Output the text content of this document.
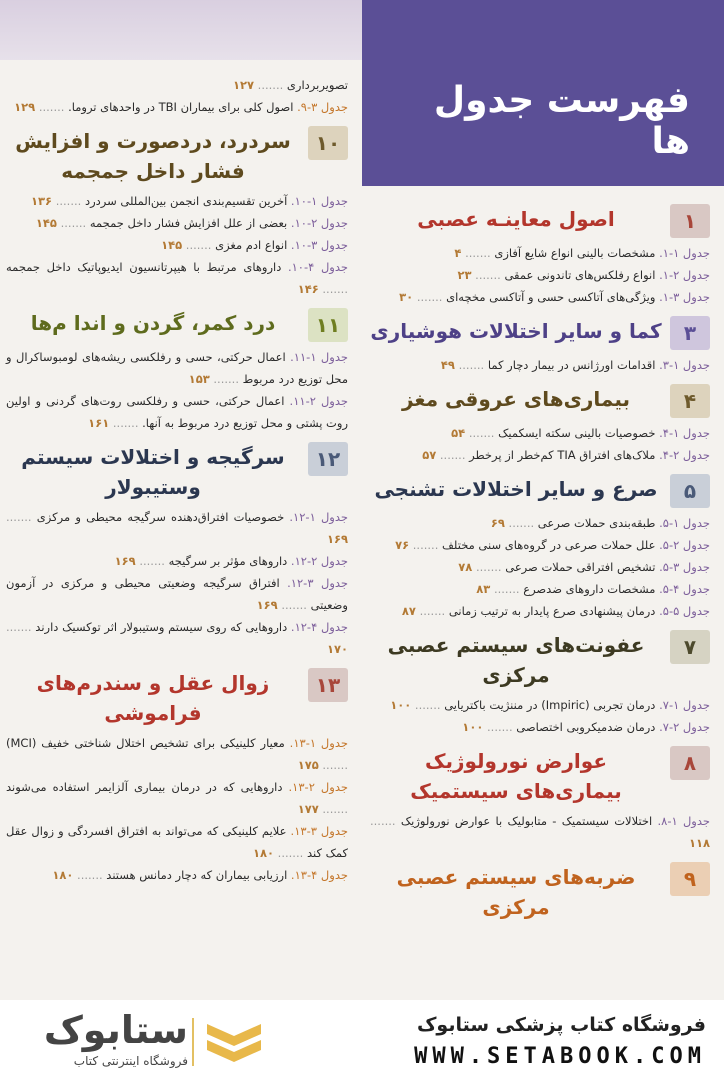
فهرست جدول ها
۱
اصول معاینـه عصبی
جدول ۱-۱. مشخصات بالینی انواع شایع آفازی ....... ۴
جدول ۲-۱. انواع رفلکس‌های تاندونی عمقی ....... ۲۳
جدول ۳-۱. ویژگی‌های آتاکسی حسی و آتاکسی مخچه‌ای ....... ۳۰
۳
کما و سایر اختلالات هوشیاری
جدول ۱-۳. اقدامات اورژانس در بیمار دچار کما ....... ۴۹
۴
بیماری‌های عروقی مغز
جدول ۱-۴. خصوصیات بالینی سکته ایسکمیک ....... ۵۴
جدول ۲-۴. ملاک‌های افتراق TIA کم‌خطر از پرخطر ....... ۵۷
۵
صرع و سایر اختلالات تشنجی
جدول ۱-۵. طبقه‌بندی حملات صرعی ....... ۶۹
جدول ۲-۵. علل حملات صرعی در گروه‌های سنی مختلف ....... ۷۶
جدول ۳-۵. تشخیص افتراقی حملات صرعی ....... ۷۸
جدول ۴-۵. مشخصات داروهای ضدصرع ....... ۸۳
جدول ۵-۵. درمان پیشنهادی صرع پایدار به ترتیب زمانی ....... ۸۷
۷
عفونت‌های سیستم عصبی مرکزی
جدول ۱-۷. درمان تجربی (Impiric) در مننژیت باکتریایی ....... ۱۰۰
جدول ۲-۷. درمان ضدمیکروبی اختصاصی ....... ۱۰۰
۸
عوارض نورولوژیک بیماری‌های سیستمیک
جدول ۱-۸. اختلالات سیستمیک - متابولیک با عوارض نورولوژیک ....... ۱۱۸
۹
ضربه‌های سیستم عصبی مرکزی
تصویربرداری ....... ۱۲۷
جدول ۳-۹. اصول کلی برای بیماران TBI در واحدهای تروما. ....... ۱۲۹
۱۰
سردرد، دردصورت و افزایش فشار داخل جمجمه
جدول ۱-۱۰. آخرین تقسیم‌بندی انجمن بین‌المللی سردرد ....... ۱۳۶
جدول ۲-۱۰. بعضی از علل افزایش فشار داخل جمجمه ....... ۱۴۵
جدول ۳-۱۰. انواع ادم مغزی ....... ۱۴۵
جدول ۴-۱۰. داروهای مرتبط با هیپرتانسیون ایدیوپاتیک داخل جمجمه ....... ۱۴۶
۱۱
درد کمر، گردن و اندا م‌ها
جدول ۱-۱۱. اعمال حرکتی، حسی و رفلکسی ریشه‌های لومبوساکرال و محل توزیع درد مربوط ....... ۱۵۳
جدول ۲-۱۱. اعمال حرکتی، حسی و رفلکسی روت‌های گردنی و اولین روت پشتی و محل توزیع درد مربوط به آنها. ....... ۱۶۱
۱۲
سرگیجه و اختلالات سیستم وستیبولار
جدول ۱-۱۲. خصوصیات افتراق‌دهنده سرگیجه محیطی و مرکزی ....... ۱۶۹
جدول ۲-۱۲. داروهای مؤثر بر سرگیجه ....... ۱۶۹
جدول ۳-۱۲. افتراق سرگیجه وضعیتی محیطی و مرکزی در آزمون وضعیتی ....... ۱۶۹
جدول ۴-۱۲. داروهایی که روی سیستم وستیبولار اثر توکسیک دارند ....... ۱۷۰
۱۳
زوال عقل و سندرم‌های فراموشی
جدول ۱-۱۳. معیار کلینیکی برای تشخیص اختلال شناختی خفیف (MCI) ....... ۱۷۵
جدول ۲-۱۳. داروهایی که در درمان بیماری آلزایمر استفاده می‌شوند ....... ۱۷۷
جدول ۳-۱۳. علایم کلینیکی که می‌تواند به افتراق افسردگی و زوال عقل کمک کند ....... ۱۸۰
جدول ۴-۱۳. ارزیابی بیماران که دچار دمانس هستند ....... ۱۸۰
ستابوک
فروشگاه اینترنتی کتاب
فروشگاه کتاب پزشکی ستابوک
WWW.SETABOOK.COM
